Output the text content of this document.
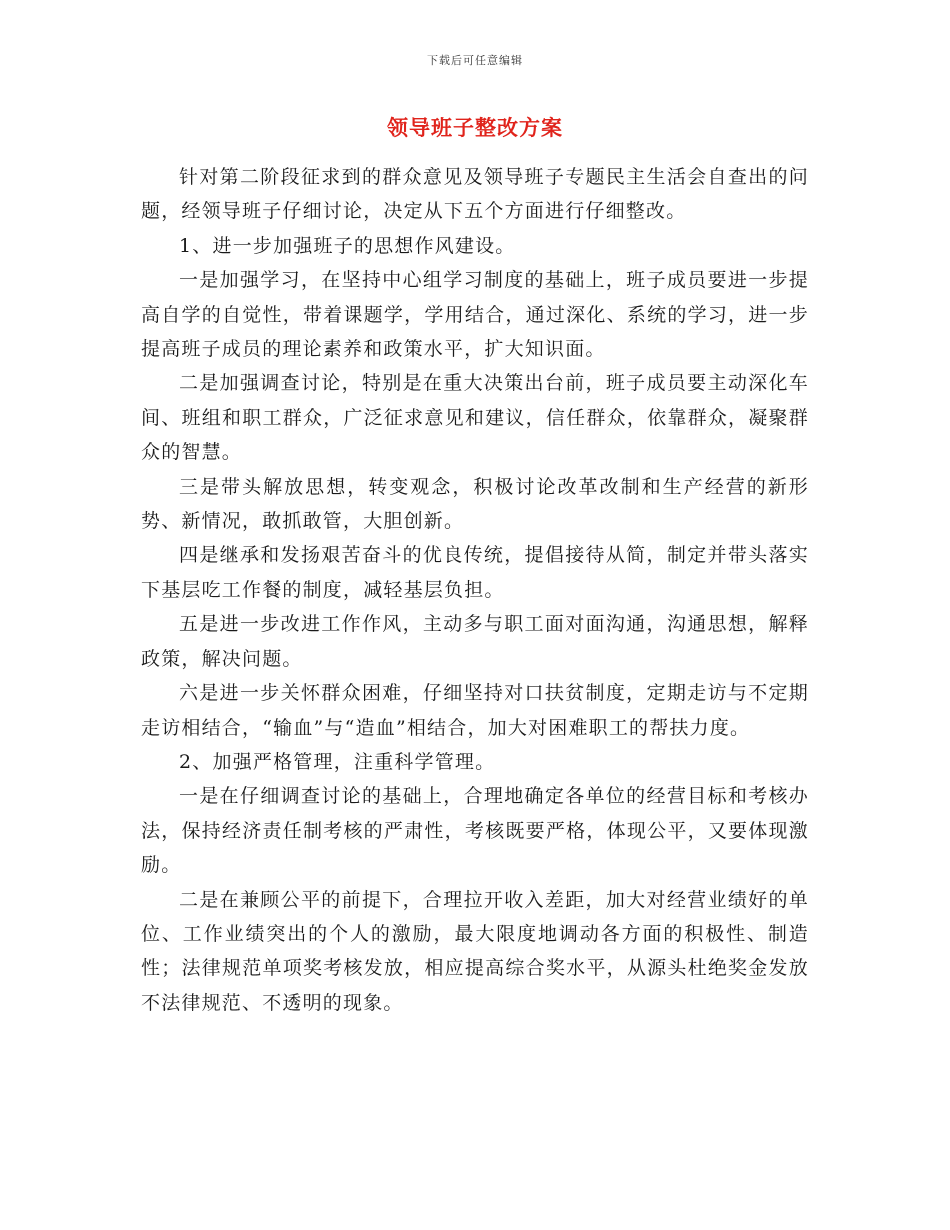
下载后可任意编辑
领导班子整改方案

针对第二阶段征求到的群众意见及领导班子专题民主生活会自查出的问题，经领导班子仔细讨论，决定从下五个方面进行仔细整改。

1、进一步加强班子的思想作风建设。

一是加强学习，在坚持中心组学习制度的基础上，班子成员要进一步提高自学的自觉性，带着课题学，学用结合，通过深化、系统的学习，进一步提高班子成员的理论素养和政策水平，扩大知识面。

二是加强调查讨论，特别是在重大决策出台前，班子成员要主动深化车间、班组和职工群众，广泛征求意见和建议，信任群众，依靠群众，凝聚群众的智慧。

三是带头解放思想，转变观念，积极讨论改革改制和生产经营的新形势、新情况，敢抓敢管，大胆创新。

四是继承和发扬艰苦奋斗的优良传统，提倡接待从简，制定并带头落实下基层吃工作餐的制度，减轻基层负担。

五是进一步改进工作作风，主动多与职工面对面沟通，沟通思想，解释政策，解决问题。

六是进一步关怀群众困难，仔细坚持对口扶贫制度，定期走访与不定期走访相结合，“输血”与“造血”相结合，加大对困难职工的帮扶力度。

2、加强严格管理，注重科学管理。

一是在仔细调查讨论的基础上，合理地确定各单位的经营目标和考核办法，保持经济责任制考核的严肃性，考核既要严格，体现公平，又要体现激励。

二是在兼顾公平的前提下，合理拉开收入差距，加大对经营业绩好的单位、工作业绩突出的个人的激励，最大限度地调动各方面的积极性、制造性；法律规范单项奖考核发放，相应提高综合奖水平，从源头杜绝奖金发放不法律规范、不透明的现象。
